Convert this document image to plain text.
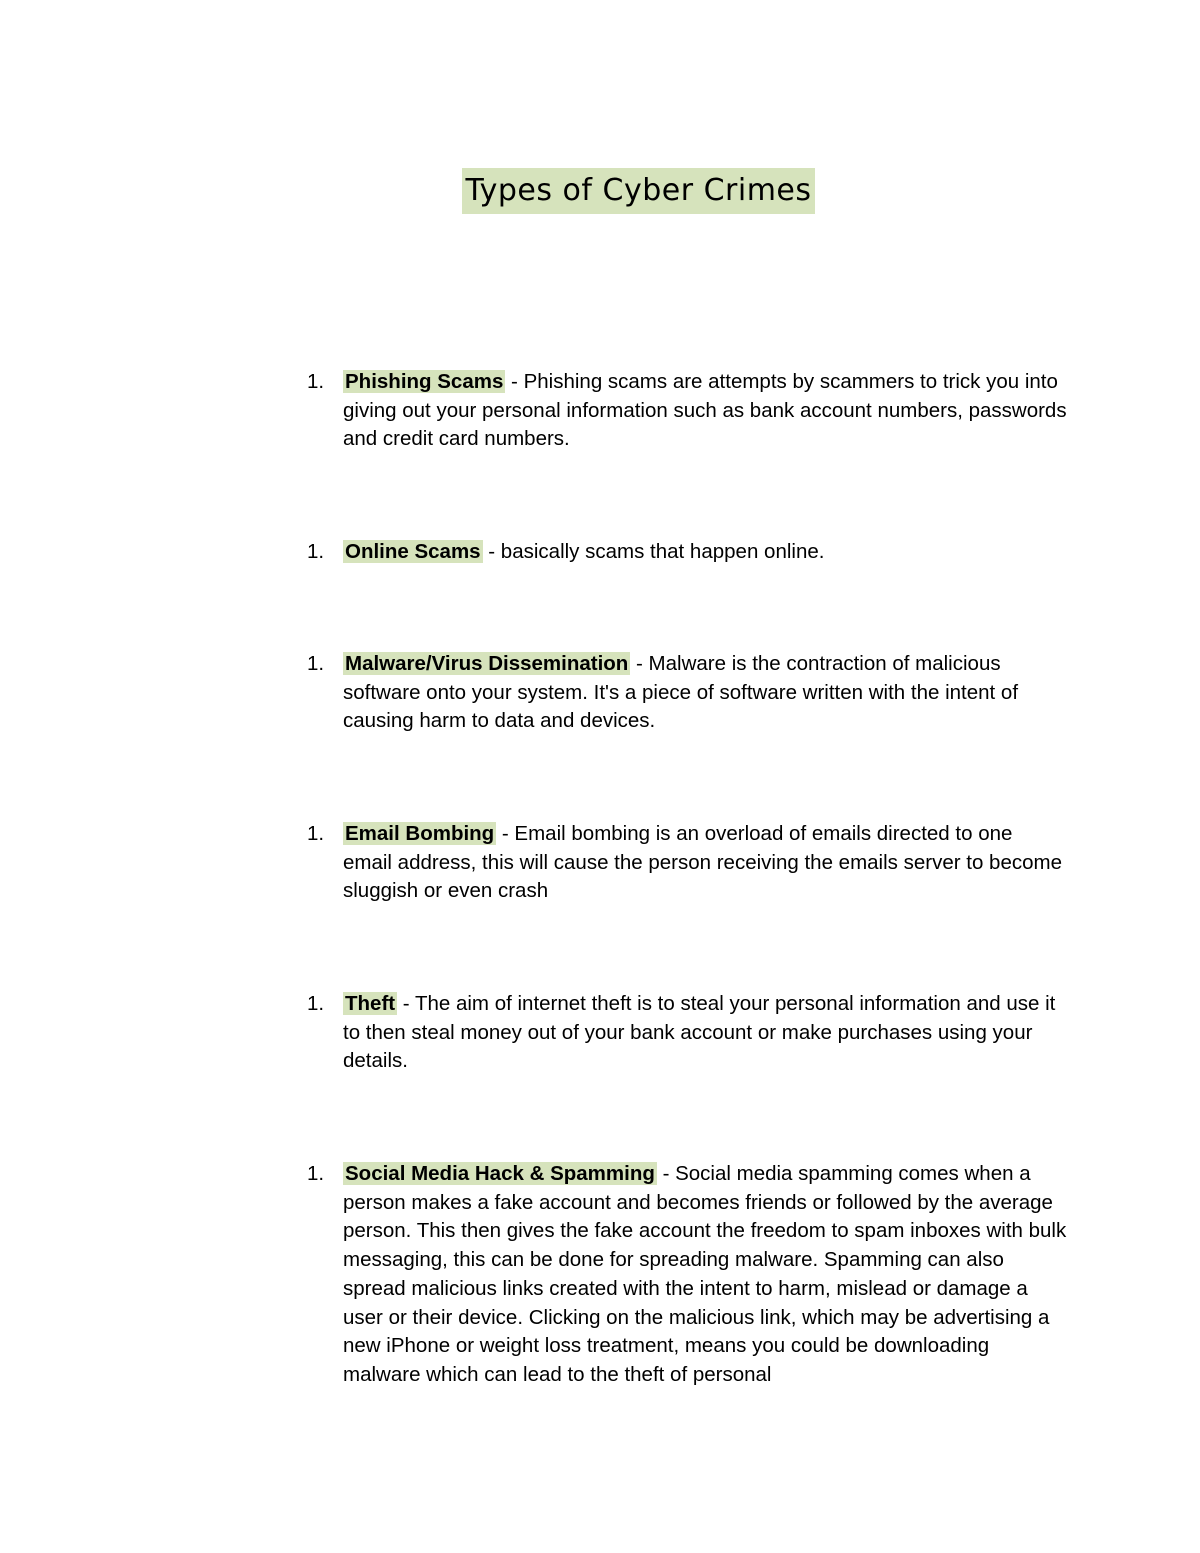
Types of Cyber Crimes
1. Phishing Scams - Phishing scams are attempts by scammers to trick you into giving out your personal information such as bank account numbers, passwords and credit card numbers.
1. Online Scams - basically scams that happen online.
1. Malware/Virus Dissemination - Malware is the contraction of malicious software onto your system. It's a piece of software written with the intent of causing harm to data and devices.
1. Email Bombing - Email bombing is an overload of emails directed to one email address, this will cause the person receiving the emails server to become sluggish or even crash
1. Theft - The aim of internet theft is to steal your personal information and use it to then steal money out of your bank account or make purchases using your details.
1. Social Media Hack & Spamming - Social media spamming comes when a person makes a fake account and becomes friends or followed by the average person. This then gives the fake account the freedom to spam inboxes with bulk messaging, this can be done for spreading malware. Spamming can also spread malicious links created with the intent to harm, mislead or damage a user or their device. Clicking on the malicious link, which may be advertising a new iPhone or weight loss treatment, means you could be downloading malware which can lead to the theft of personal
